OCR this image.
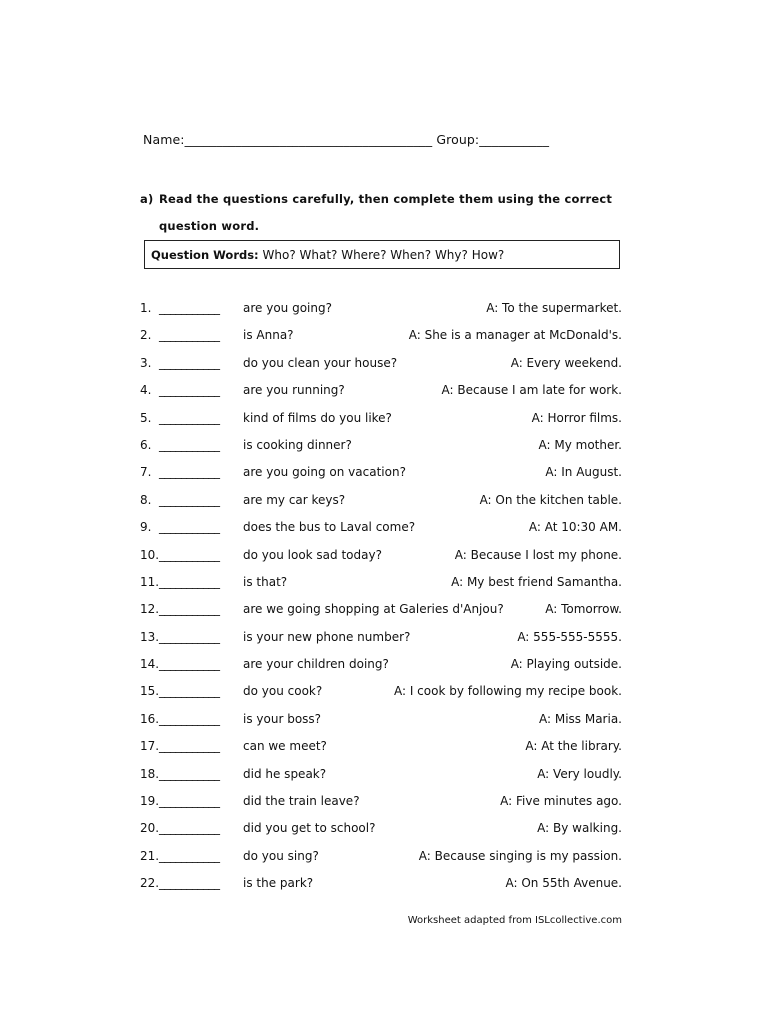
Name:_______________________________________ Group:___________
a) Read the questions carefully, then complete them using the correct
question word.
Question Words: Who? What? Where? When? Why? How?
1. ___________ are you going?	A: To the supermarket.
2. ___________ is Anna?	A: She is a manager at McDonald's.
3. ___________ do you clean your house?	A: Every weekend.
4. ___________ are you running?	A: Because I am late for work.
5. ___________ kind of films do you like?	A: Horror films.
6. ___________ is cooking dinner?	A: My mother.
7. ___________ are you going on vacation?	A: In August.
8. ___________ are my car keys?	A: On the kitchen table.
9. ___________ does the bus to Laval come?	A: At 10:30 AM.
10. ___________ do you look sad today?	A: Because I lost my phone.
11. ___________ is that?	A: My best friend Samantha.
12. ___________ are we going shopping at Galeries d'Anjou?	A: Tomorrow.
13. ___________ is your new phone number?	A: 555-555-5555.
14. ___________ are your children doing?	A: Playing outside.
15. ___________ do you cook?	A: I cook by following my recipe book.
16. ___________ is your boss?	A: Miss Maria.
17. ___________ can we meet?	A: At the library.
18. ___________ did he speak?	A: Very loudly.
19. ___________ did the train leave?	A: Five minutes ago.
20. ___________ did you get to school?	A: By walking.
21. ___________ do you sing?	A: Because singing is my passion.
22. ___________ is the park?	A: On 55th Avenue.
Worksheet adapted from ISLcollective.com
